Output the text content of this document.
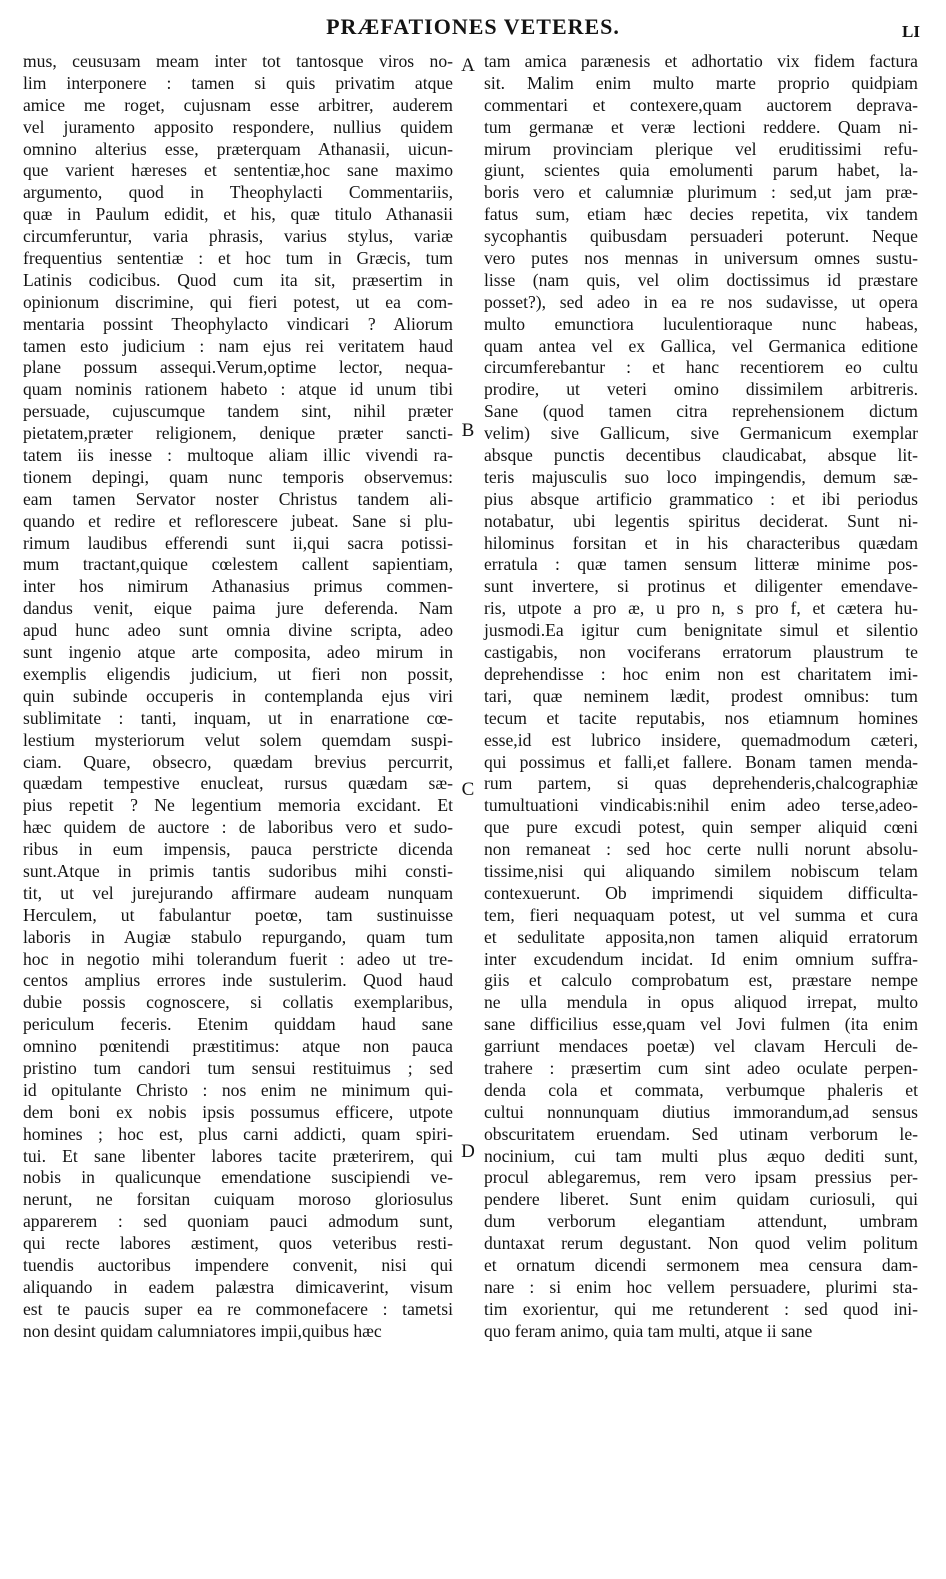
PRÆFATIONES VETERES.	LI
mus, ceusuзam meam inter tot tantosque viros no-
lim interponere : tamen si quis privatim atque
amice me roget, cujusnam esse arbitrer, auderem
vel juramento apposito respondere, nullius quidem
omnino alterius esse, præterquam Athanasii, uicun-
que varient hæreses et sententiæ,hoc sane maximo
argumento, quod in Theophylacti Commentariis,
quæ in Paulum edidit, et his, quæ titulo Athanasii
circumferuntur, varia phrasis, varius stylus, variæ
frequentius sententiæ : et hoc tum in Græcis, tum
Latinis codicibus. Quod cum ita sit, præsertim in
opinionum discrimine, qui fieri potest, ut ea com-
mentaria possint Theophylacto vindicari ? Aliorum
tamen esto judicium : nam ejus rei veritatem haud
plane possum assequi.Verum,optime lector, nequa-
quam nominis rationem habeto : atque id unum tibi
persuade, cujuscumque tandem sint, nihil præter
pietatem,præter religionem, denique præter sancti-
tatem iis inesse : multoque aliam illic vivendi ra-
tionem depingi, quam nunc temporis observemus:
eam tamen Servator noster Christus tandem ali-
quando et redire et reflorescere jubeat. Sane si plu-
rimum laudibus efferendi sunt ii,qui sacra potissi-
mum tractant,quique cœlestem callent sapientiam,
inter hos nimirum Athanasius primus commen-
dandus venit, eique paima jure deferenda. Nam
apud hunc adeo sunt omnia divine scripta, adeo
sunt ingenio atque arte composita, adeo mirum in
exemplis eligendis judicium, ut fieri non possit,
quin subinde occuperis in contemplanda ejus viri
sublimitate : tanti, inquam, ut in enarratione cœ-
lestium mysteriorum velut solem quemdam suspi-
ciam. Quare, obsecro, quædam brevius percurrit,
quædam tempestive enucleat, rursus quædam sæ-
pius repetit ? Ne legentium memoria excidant. Et
hæc quidem de auctore : de laboribus vero et sudo-
ribus in eum impensis, pauca perstricte dicenda
sunt.Atque in primis tantis sudoribus mihi consti-
tit, ut vel jurejurando affirmare audeam nunquam
Herculem, ut fabulantur poetœ, tam sustinuisse
laboris in Augiæ stabulo repurgando, quam tum
hoc in negotio mihi tolerandum fuerit : adeo ut tre-
centos amplius errores inde sustulerim. Quod haud
dubie possis cognoscere, si collatis exemplaribus,
periculum feceris. Etenim quiddam haud sane
omnino pœnitendi præstitimus: atque non pauca
pristino tum candori tum sensui restituimus ; sed
id opitulante Christo : nos enim ne minimum qui-
dem boni ex nobis ipsis possumus efficere, utpote
homines ; hoc est, plus carni addicti, quam spiri-
tui. Et sane libenter labores tacite præterirem, qui
nobis in qualicunque emendatione suscipiendi ve-
nerunt, ne forsitan cuiquam moroso gloriosulus
apparerem : sed quoniam pauci admodum sunt,
qui recte labores æstiment, quos veteribus resti-
tuendis auctoribus impendere convenit, nisi qui
aliquando in eadem palæstra dimicaverint, visum
est te paucis super ea re commonefacere : tametsi
non desint quidam calumniatores impii,quibus hæc
A
B
C
D
tam amica parænesis et adhortatio vix fidem factura
sit. Malim enim multo marte proprio quidpiam
commentari et contexere,quam auctorem deprava-
tum germanæ et veræ lectioni reddere. Quam ni-
mirum provinciam plerique vel eruditissimi refu-
giunt, scientes quia emolumenti parum habet, la-
boris vero et calumniæ plurimum : sed,ut jam præ-
fatus sum, etiam hæc decies repetita, vix tandem
sycophantis quibusdam persuaderi poterunt. Neque
vero putes nos mennas in universum omnes sustu-
lisse (nam quis, vel olim doctissimus id præstare
posset?), sed adeo in ea re nos sudavisse, ut opera
multo emunctiora luculentioraque nunc habeas,
quam antea vel ex Gallica, vel Germanica editione
circumferebantur : et hanc recentiorem eo cultu
prodire, ut veteri omino dissimilem arbitreris.
Sane (quod tamen citra reprehensionem dictum
velim) sive Gallicum, sive Germanicum exemplar
absque punctis decentibus claudicabat, absque lit-
teris majusculis suo loco impingendis, demum sæ-
pius absque artificio grammatico : et ibi periodus
notabatur, ubi legentis spiritus deciderat. Sunt ni-
hilominus forsitan et in his characteribus quædam
erratula : quæ tamen sensum litteræ minime pos-
sunt invertere, si protinus et diligenter emendave-
ris, utpote a pro æ, u pro n, s pro f, et cætera hu-
jusmodi.Ea igitur cum benignitate simul et silentio
castigabis, non vociferans erratorum plaustrum te
deprehendisse : hoc enim non est charitatem imi-
tari, quæ neminem lædit, prodest omnibus: tum
tecum et tacite reputabis, nos etiamnum homines
esse,id est lubrico insidere, quemadmodum cæteri,
qui possimus et falli,et fallere. Bonam tamen menda-
rum partem, si quas deprehenderis,chalcographiæ
tumultuationi vindicabis:nihil enim adeo terse,adeo-
que pure excudi potest, quin semper aliquid cœni
non remaneat : sed hoc certe nulli norunt absolu-
tissime,nisi qui aliquando similem nobiscum telam
contexuerunt. Ob imprimendi siquidem difficulta-
tem, fieri nequaquam potest, ut vel summa et cura
et sedulitate apposita,non tamen aliquid erratorum
inter excudendum incidat. Id enim omnium suffra-
giis et calculo comprobatum est, præstare nempe
ne ulla mendula in opus aliquod irrepat, multo
sane difficilius esse,quam vel Jovi fulmen (ita enim
garriunt mendaces poetæ) vel clavam Herculi de-
trahere : præsertim cum sint adeo oculate perpen-
denda cola et commata, verbumque phaleris et
cultui nonnunquam diutius immorandum,ad sensus
obscuritatem eruendam. Sed utinam verborum le-
nocinium, cui tam multi plus æquo dediti sunt,
procul ablegaremus, rem vero ipsam pressius per-
pendere liberet. Sunt enim quidam curiosuli, qui
dum verborum elegantiam attendunt, umbram
duntaxat rerum degustant. Non quod velim politum
et ornatum dicendi sermonem mea censura dam-
nare : si enim hoc vellem persuadere, plurimi sta-
tim exorientur, qui me retunderent : sed quod ini-
quo feram animo, quia tam multi, atque ii sane
